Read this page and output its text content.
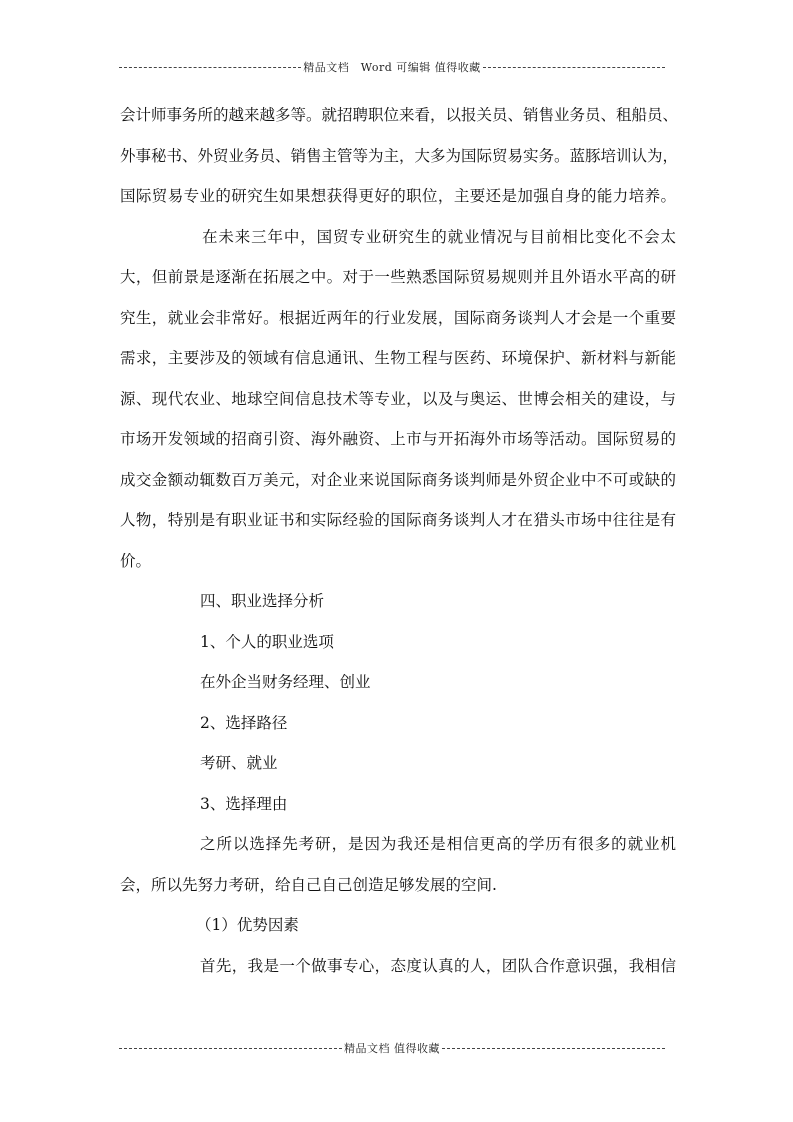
精品文档　Word 可编辑 值得收藏
会计师事务所的越来越多等。就招聘职位来看，以报关员、销售业务员、租船员、
外事秘书、外贸业务员、销售主管等为主，大多为国际贸易实务。蓝豚培训认为，
国际贸易专业的研究生如果想获得更好的职位，主要还是加强自身的能力培养。
在未来三年中，国贸专业研究生的就业情况与目前相比变化不会太
大，但前景是逐渐在拓展之中。对于一些熟悉国际贸易规则并且外语水平高的研
究生，就业会非常好。根据近两年的行业发展，国际商务谈判人才会是一个重要
需求，主要涉及的领域有信息通讯、生物工程与医药、环境保护、新材料与新能
源、现代农业、地球空间信息技术等专业，以及与奥运、世博会相关的建设，与
市场开发领域的招商引资、海外融资、上市与开拓海外市场等活动。国际贸易的
成交金额动辄数百万美元，对企业来说国际商务谈判师是外贸企业中不可或缺的
人物，特别是有职业证书和实际经验的国际商务谈判人才在猎头市场中往往是有
价。
四、职业选择分析
1、个人的职业选项
在外企当财务经理、创业
2、选择路径
考研、就业
3、选择理由
之所以选择先考研，是因为我还是相信更高的学历有很多的就业机
会，所以先努力考研，给自己自己创造足够发展的空间.
（1）优势因素
首先，我是一个做事专心，态度认真的人，团队合作意识强，我相信
精品文档 值得收藏
